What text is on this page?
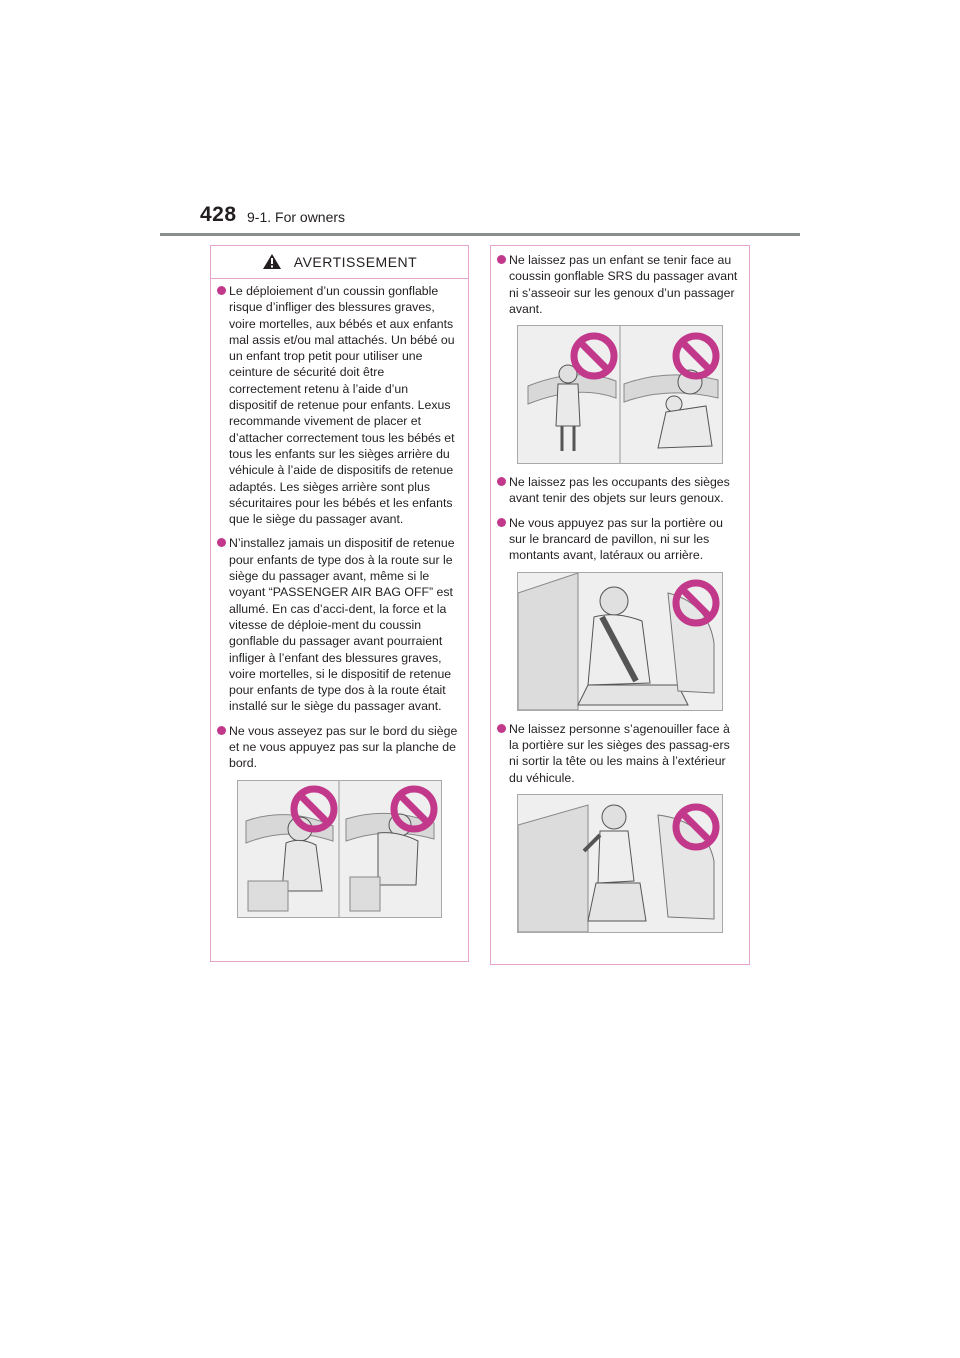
428 9-1. For owners
AVERTISSEMENT
Le déploiement d’un coussin gonflable risque d’infliger des blessures graves, voire mortelles, aux bébés et aux enfants mal assis et/ou mal attachés. Un bébé ou un enfant trop petit pour utiliser une ceinture de sécurité doit être correctement retenu à l’aide d’un dispositif de retenue pour enfants. Lexus recommande vivement de placer et d’attacher correctement tous les bébés et tous les enfants sur les sièges arrière du véhicule à l’aide de dispositifs de retenue adaptés. Les sièges arrière sont plus sécuritaires pour les bébés et les enfants que le siège du passager avant.
N’installez jamais un dispositif de retenue pour enfants de type dos à la route sur le siège du passager avant, même si le voyant “PASSENGER AIR BAG OFF” est allumé. En cas d’acci-dent, la force et la vitesse de déploie-ment du coussin gonflable du passager avant pourraient infliger à l’enfant des blessures graves, voire mortelles, si le dispositif de retenue pour enfants de type dos à la route était installé sur le siège du passager avant.
Ne vous asseyez pas sur le bord du siège et ne vous appuyez pas sur la planche de bord.
Ne laissez pas un enfant se tenir face au coussin gonflable SRS du passager avant ni s’asseoir sur les genoux d’un passager avant.
Ne laissez pas les occupants des sièges avant tenir des objets sur leurs genoux.
Ne vous appuyez pas sur la portière ou sur le brancard de pavillon, ni sur les montants avant, latéraux ou arrière.
Ne laissez personne s’agenouiller face à la portière sur les sièges des passag-ers ni sortir la tête ou les mains à l’extérieur du véhicule.
